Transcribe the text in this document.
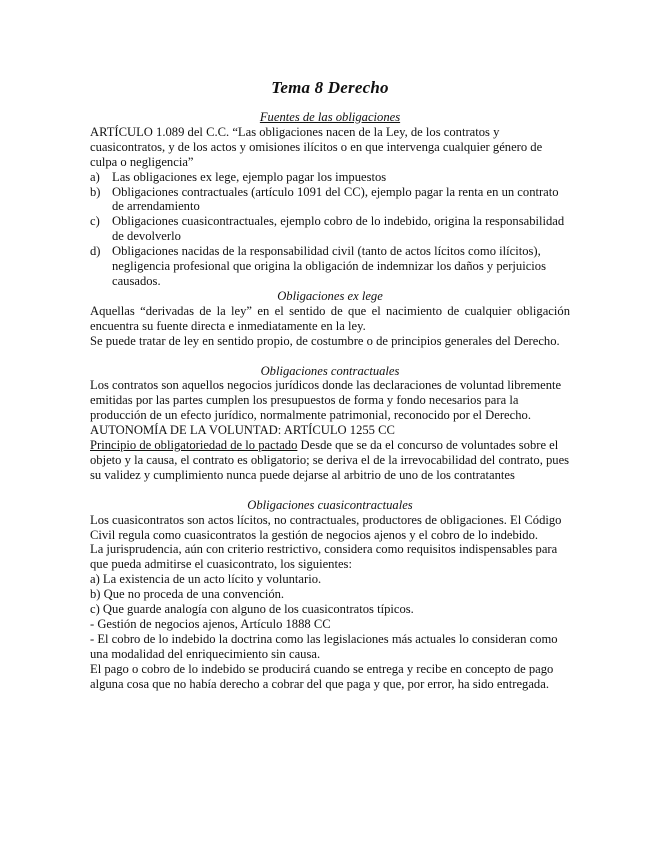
Tema 8 Derecho

Fuentes de las obligaciones

ARTÍCULO 1.089 del C.C. “Las obligaciones nacen de la Ley, de los contratos y cuasicontratos, y de los actos y omisiones ilícitos o en que intervenga cualquier género de culpa o negligencia”

a) Las obligaciones ex lege, ejemplo pagar los impuestos
b) Obligaciones contractuales (artículo 1091 del CC), ejemplo pagar la renta en un contrato de arrendamiento
c) Obligaciones cuasicontractuales, ejemplo cobro de lo indebido, origina la responsabilidad de devolverlo
d) Obligaciones nacidas de la responsabilidad civil (tanto de actos lícitos como ilícitos), negligencia profesional que origina la obligación de indemnizar los daños y perjuicios causados.

Obligaciones ex lege

Aquellas “derivadas de la ley” en el sentido de que el nacimiento de cualquier obligación encuentra su fuente directa e inmediatamente en la ley.

Se puede tratar de ley en sentido propio, de costumbre o de principios generales del Derecho.

Obligaciones contractuales

Los contratos son aquellos negocios jurídicos donde las declaraciones de voluntad libremente emitidas por las partes cumplen los presupuestos de forma y fondo necesarios para la producción de un efecto jurídico, normalmente patrimonial, reconocido por el Derecho.

AUTONOMÍA DE LA VOLUNTAD: ARTÍCULO 1255 CC

Principio de obligatoriedad de lo pactado Desde que se da el concurso de voluntades sobre el objeto y la causa, el contrato es obligatorio; se deriva el de la irrevocabilidad del contrato, pues su validez y cumplimiento nunca puede dejarse al arbitrio de uno de los contratantes

Obligaciones cuasicontractuales

Los cuasicontratos son actos lícitos, no contractuales, productores de obligaciones. El Código Civil regula como cuasicontratos la gestión de negocios ajenos y el cobro de lo indebido.

La jurisprudencia, aún con criterio restrictivo, considera como requisitos indispensables para que pueda admitirse el cuasicontrato, los siguientes:

a) La existencia de un acto lícito y voluntario.

b) Que no proceda de una convención.

c) Que guarde analogía con alguno de los cuasicontratos típicos.

- Gestión de negocios ajenos, Artículo 1888 CC

- El cobro de lo indebido la doctrina como las legislaciones más actuales lo consideran como una modalidad del enriquecimiento sin causa.

El pago o cobro de lo indebido se producirá cuando se entrega y recibe en concepto de pago alguna cosa que no había derecho a cobrar del que paga y que, por error, ha sido entregada.
